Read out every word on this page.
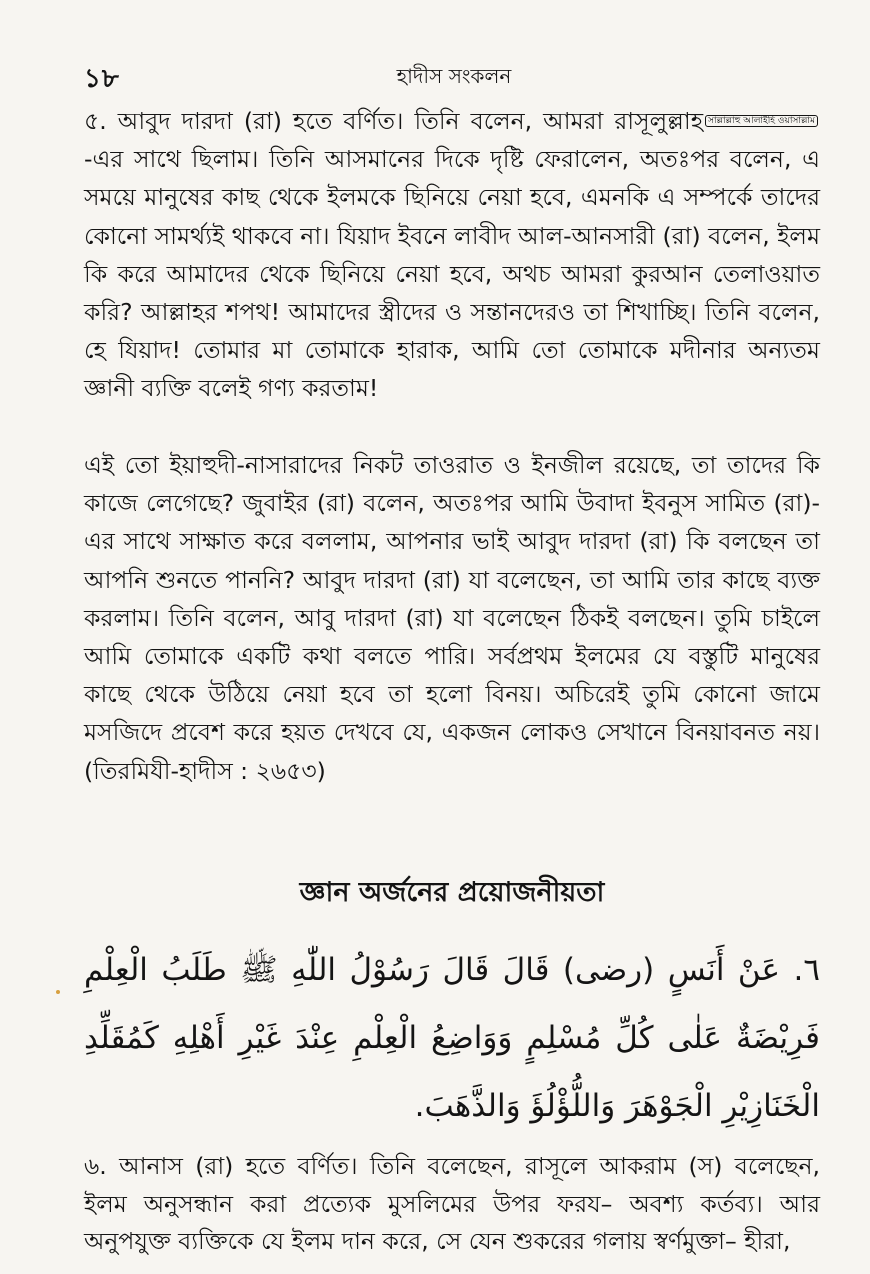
১৮	হাদীস সংকলন

৫. আবুদ দারদা (রা) হতে বর্ণিত। তিনি বলেন, আমরা রাসূলুল্লাহ সাল্লাল্লাহু আলাইহি ওয়াসাল্লাম-এর সাথে ছিলাম। তিনি আসমানের দিকে দৃষ্টি ফেরালেন, অতঃপর বলেন, এ সময়ে মানুষের কাছ থেকে ইলমকে ছিনিয়ে নেয়া হবে, এমনকি এ সম্পর্কে তাদের কোনো সামর্থ্যই থাকবে না। যিয়াদ ইবনে লাবীদ আল-আনসারী (রা) বলেন, ইলম কি করে আমাদের থেকে ছিনিয়ে নেয়া হবে, অথচ আমরা কুরআন তেলাওয়াত করি? আল্লাহর শপথ! আমাদের স্ত্রীদের ও সন্তানদেরও তা শিখাচ্ছি। তিনি বলেন, হে যিয়াদ! তোমার মা তোমাকে হারাক, আমি তো তোমাকে মদীনার অন্যতম জ্ঞানী ব্যক্তি বলেই গণ্য করতাম!

এই তো ইয়াহুদী-নাসারাদের নিকট তাওরাত ও ইনজীল রয়েছে, তা তাদের কি কাজে লেগেছে? জুবাইর (রা) বলেন, অতঃপর আমি উবাদা ইবনুস সামিত (রা)-এর সাথে সাক্ষাত করে বললাম, আপনার ভাই আবুদ দারদা (রা) কি বলছেন তা আপনি শুনতে পাননি? আবুদ দারদা (রা) যা বলেছেন, তা আমি তার কাছে ব্যক্ত করলাম। তিনি বলেন, আবু দারদা (রা) যা বলেছেন ঠিকই বলছেন। তুমি চাইলে আমি তোমাকে একটি কথা বলতে পারি। সর্বপ্রথম ইলমের যে বস্তুটি মানুষের কাছে থেকে উঠিয়ে নেয়া হবে তা হলো বিনয়। অচিরেই তুমি কোনো জামে মসজিদে প্রবেশ করে হয়ত দেখবে যে, একজন লোকও সেখানে বিনয়াবনত নয়। (তিরমিযী-হাদীস : ২৬৫৩)

জ্ঞান অর্জনের প্রয়োজনীয়তা

٦. عَنْ أَنَسٍ (رضى) قَالَ قَالَ رَسُوْلُ اللّٰهِ ﷺ طَلَبُ الْعِلْمِ فَرِيْضَةٌ عَلٰى كُلِّ مُسْلِمٍ وَوَاضِعُ الْعِلْمِ عِنْدَ غَيْرِ أَهْلِهِ كَمُقَلِّدِ الْخَنَازِيْرِ الْجَوْهَرَ وَاللُّؤْلُؤَ وَالذَّهَبَ.

৬. আনাস (রা) হতে বর্ণিত। তিনি বলেছেন, রাসূলে আকরাম (স) বলেছেন, ইলম অনুসন্ধান করা প্রত্যেক মুসলিমের উপর ফরয– অবশ্য কর্তব্য। আর অনুপযুক্ত ব্যক্তিকে যে ইলম দান করে, সে যেন শুকরের গলায় স্বর্ণমুক্তা– হীরা,
